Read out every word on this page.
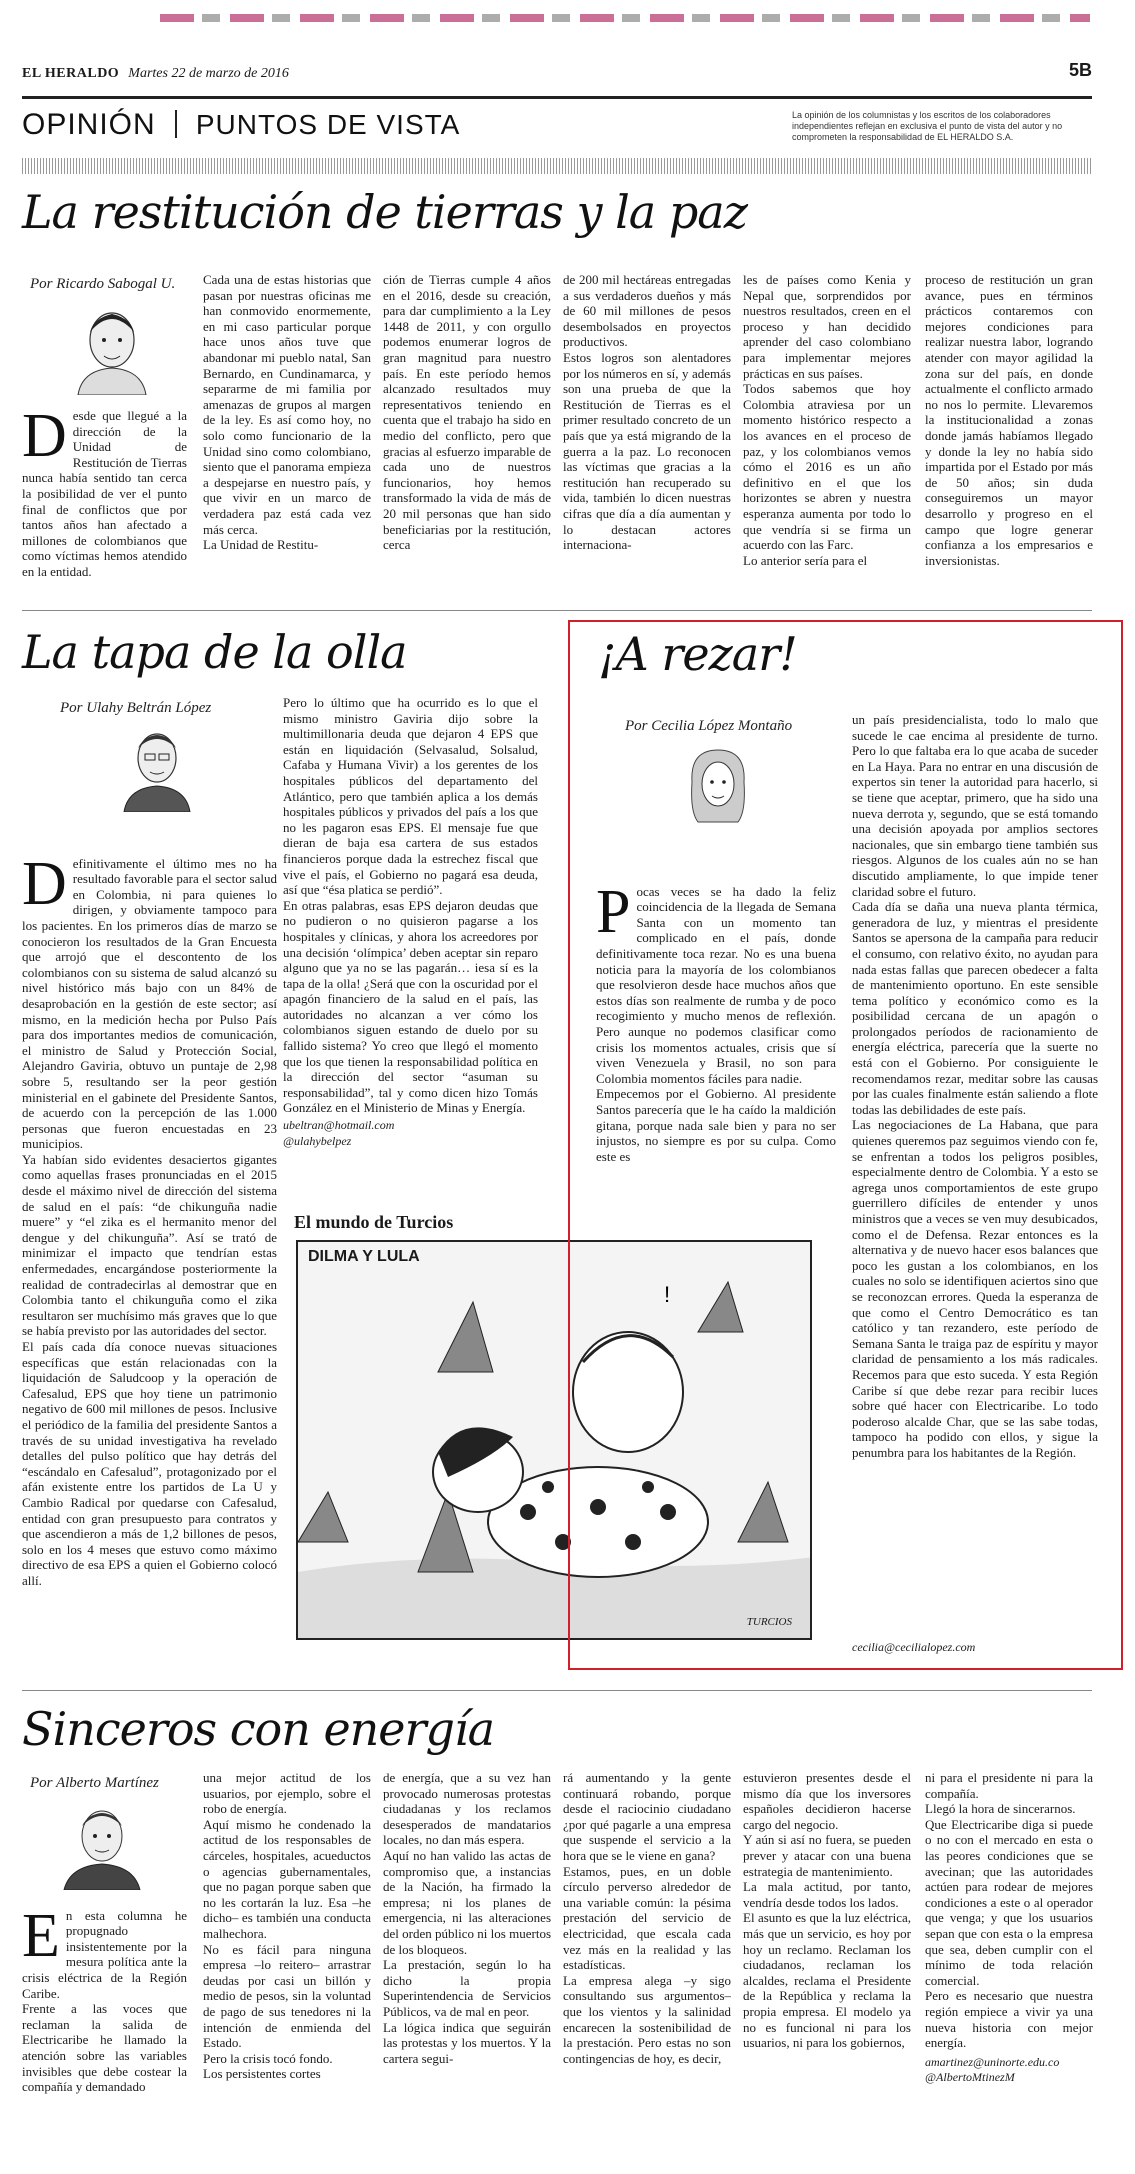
EL HERALDO Martes 22 de marzo de 2016	5B
OPINIÓN PUNTOS DE VISTA	La opinión de los columnistas y los escritos de los colaboradores independientes reflejan en exclusiva el punto de vista del autor y no comprometen la responsabilidad de EL HERALDO S.A.
La restitución de tierras y la paz
Por Ricardo Sabogal U.
D esde que llegué a la dirección de la Unidad de Restitución de Tierras nunca había sentido tan cerca la posibilidad de ver el punto final de conflictos que por tantos años han afectado a millones de colombianos que como víctimas hemos atendido en la entidad.
Cada una de estas historias que pasan por nuestras oficinas me han conmovido enormemente, en mi caso particular porque hace unos años tuve que abandonar mi pueblo natal, San Bernardo, en Cundinamarca, y separarme de mi familia por amenazas de grupos al margen de la ley. Es así como hoy, no solo como funcionario de la Unidad sino como colombiano, siento que el panorama empieza a despejarse en nuestro país, y que vivir en un marco de verdadera paz está cada vez más cerca.
La Unidad de Restitu-
ción de Tierras cumple 4 años en el 2016, desde su creación, para dar cumplimiento a la Ley 1448 de 2011, y con orgullo podemos enumerar logros de gran magnitud para nuestro país. En este período hemos alcanzado resultados muy representativos teniendo en cuenta que el trabajo ha sido en medio del conflicto, pero que gracias al esfuerzo imparable de cada uno de nuestros funcionarios, hoy hemos transformado la vida de más de 20 mil personas que han sido beneficiarias por la restitución, cerca
de 200 mil hectáreas entregadas a sus verdaderos dueños y más de 60 mil millones de pesos desembolsados en proyectos productivos.
Estos logros son alentadores por los números en sí, y además son una prueba de que la Restitución de Tierras es el primer resultado concreto de un país que ya está migrando de la guerra a la paz. Lo reconocen las víctimas que gracias a la restitución han recuperado su vida, también lo dicen nuestras cifras que día a día aumentan y lo destacan actores internaciona-
les de países como Kenia y Nepal que, sorprendidos por nuestros resultados, creen en el proceso y han decidido aprender del caso colombiano para implementar mejores prácticas en sus países.
Todos sabemos que hoy Colombia atraviesa por un momento histórico respecto a los avances en el proceso de paz, y los colombianos vemos cómo el 2016 es un año definitivo en el que los horizontes se abren y nuestra esperanza aumenta por todo lo que vendría si se firma un acuerdo con las Farc.
Lo anterior sería para el
proceso de restitución un gran avance, pues en términos prácticos contaremos con mejores condiciones para realizar nuestra labor, logrando atender con mayor agilidad la zona sur del país, en donde actualmente el conflicto armado no nos lo permite. Llevaremos la institucionalidad a zonas donde jamás habíamos llegado y donde la ley no había sido impartida por el Estado por más de 50 años; sin duda conseguiremos un mayor desarrollo y progreso en el campo que logre generar confianza a los empresarios e inversionistas.
La tapa de la olla
Por Ulahy Beltrán López

Definitivamente el último mes no ha resultado favorable para el sector salud en Colombia, ni para quienes lo dirigen, y obviamente tampoco para los pacientes. En los primeros días de marzo se conocieron los resultados de la Gran Encuesta que arrojó que el descontento de los colombianos con su sistema de salud alcanzó su nivel histórico más bajo con un 84% de desaprobación en la gestión de este sector; así mismo, en la medición hecha por Pulso País para dos importantes medios de comunicación, el ministro de Salud y Protección Social, Alejandro Gaviria, obtuvo un puntaje de 2,98 sobre 5, resultando ser la peor gestión ministerial en el gabinete del Presidente Santos, de acuerdo con la percepción de las 1.000 personas que fueron encuestadas en 23 municipios.
Ya habían sido evidentes desaciertos gigantes como aquellas frases pronunciadas en el 2015 desde el máximo nivel de dirección del sistema de salud en el país: “de chikunguña nadie muere” y “el zika es el hermanito menor del dengue y del chikunguña”. Así se trató de minimizar el impacto que tendrían estas enfermedades, encargándose posteriormente la realidad de contradecirlas al demostrar que en Colombia tanto el chikunguña como el zika resultaron ser muchísimo más graves que lo que se había previsto por las autoridades del sector.
El país cada día conoce nuevas situaciones específicas que están relacionadas con la liquidación de Saludcoop y la operación de Cafesalud, EPS que hoy tiene un patrimonio negativo de 600 mil millones de pesos. Inclusive el periódico de la familia del presidente Santos a través de su unidad investigativa ha revelado detalles del pulso político que hay detrás del “escándalo en Cafesalud”, protagonizado por el afán existente entre los partidos de La U y Cambio Radical por quedarse con Cafesalud, entidad con gran presupuesto para contratos y que ascendieron a más de 1,2 billones de pesos, solo en los 4 meses que estuvo como máximo directivo de esa EPS a quien el Gobierno colocó allí.

Pero lo último que ha ocurrido es lo que el mismo ministro Gaviria dijo sobre la multimillonaria deuda que dejaron 4 EPS que están en liquidación (Selvasalud, Solsalud, Cafaba y Humana Vivir) a los gerentes de los hospitales públicos del departamento del Atlántico, pero que también aplica a los demás hospitales públicos y privados del país a los que no les pagaron esas EPS. El mensaje fue que dieran de baja esa cartera de sus estados financieros porque dada la estrechez fiscal que vive el país, el Gobierno no pagará esa deuda, así que “ésa platica se perdió”.
En otras palabras, esas EPS dejaron deudas que no pudieron o no quisieron pagarse a los hospitales y clínicas, y ahora los acreedores por una decisión ‘olímpica’ deben aceptar sin reparo alguno que ya no se las pagarán… iesa sí es la tapa de la olla! ¿Será que con la oscuridad por el apagón financiero de la salud en el país, las autoridades no alcanzan a ver cómo los colombianos siguen estando de duelo por su fallido sistema? Yo creo que llegó el momento que los que tienen la responsabilidad política en la dirección del sector “asuman su responsabilidad”, tal y como dicen hizo Tomás González en el Ministerio de Minas y Energía.
ubeltran@hotmail.com
@ulahybelpez
El mundo de Turcios
DILMA Y LULA
!
TURCIOS
¡A rezar!
Por Cecilia López Montaño

Pocas veces se ha dado la feliz coincidencia de la llegada de Semana Santa con un momento tan complicado en el país, donde definitivamente toca rezar. No es una buena noticia para la mayoría de los colombianos que resolvieron desde hace muchos años que estos días son realmente de rumba y de poco recogimiento y mucho menos de reflexión. Pero aunque no podemos clasificar como crisis los momentos actuales, crisis que sí viven Venezuela y Brasil, no son para Colombia momentos fáciles para nadie.
Empecemos por el Gobierno. Al presidente Santos parecería que le ha caído la maldición gitana, porque nada sale bien y para no ser injustos, no siempre es por su culpa. Como este es

un país presidencialista, todo lo malo que sucede le cae encima al presidente de turno. Pero lo que faltaba era lo que acaba de suceder en La Haya. Para no entrar en una discusión de expertos sin tener la autoridad para hacerlo, si se tiene que aceptar, primero, que ha sido una nueva derrota y, segundo, que se está tomando una decisión apoyada por amplios sectores nacionales, que sin embargo tiene también sus riesgos. Algunos de los cuales aún no se han discutido ampliamente, lo que impide tener claridad sobre el futuro.
Cada día se daña una nueva planta térmica, generadora de luz, y mientras el presidente Santos se apersona de la campaña para reducir el consumo, con relativo éxito, no ayudan para nada estas fallas que parecen obedecer a falta de mantenimiento oportuno. En este sensible tema político y económico como es la posibilidad cercana de un apagón o prolongados períodos de racionamiento de energía eléctrica, parecería que la suerte no está con el Gobierno. Por consiguiente le recomendamos rezar, meditar sobre las causas por las cuales finalmente están saliendo a flote todas las debilidades de este país.
Las negociaciones de La Habana, que para quienes queremos paz seguimos viendo con fe, se enfrentan a todos los peligros posibles, especialmente dentro de Colombia. Y a esto se agrega unos comportamientos de este grupo guerrillero difíciles de entender y unos ministros que a veces se ven muy desubicados, como el de Defensa. Rezar entonces es la alternativa y de nuevo hacer esos balances que poco les gustan a los colombianos, en los cuales no solo se identifiquen aciertos sino que se reconozcan errores. Queda la esperanza de que como el Centro Democrático es tan católico y tan rezandero, este período de Semana Santa le traiga paz de espíritu y mayor claridad de pensamiento a los más radicales. Recemos para que esto suceda. Y esta Región Caribe sí que debe rezar para recibir luces sobre qué hacer con Electricaribe. Lo todo poderoso alcalde Char, que se las sabe todas, tampoco ha podido con ellos, y sigue la penumbra para los habitantes de la Región.
cecilia@cecilialopez.com
Sinceros con energía
Por Alberto Martínez

En esta columna he propugnado insistentemente por la mesura política ante la crisis eléctrica de la Región Caribe.
Frente a las voces que reclaman la salida de Electricaribe he llamado la atención sobre las variables invisibles que debe costear la compañía y demandado

una mejor actitud de los usuarios, por ejemplo, sobre el robo de energía.
Aquí mismo he condenado la actitud de los responsables de cárceles, hospitales, acueductos o agencias gubernamentales, que no pagan porque saben que no les cortarán la luz. Esa –he dicho– es también una conducta malhechora.
No es fácil para ninguna empresa –lo reitero– arrastrar deudas por casi un billón y medio de pesos, sin la voluntad de pago de sus tenedores ni la intención de enmienda del Estado.
Pero la crisis tocó fondo.
Los persistentes cortes
de energía, que a su vez han provocado numerosas protestas ciudadanas y los reclamos desesperados de mandatarios locales, no dan más espera.
Aquí no han valido las actas de compromiso que, a instancias de la Nación, ha firmado la empresa; ni los planes de emergencia, ni las alteraciones del orden público ni los muertos de los bloqueos.
La prestación, según lo ha dicho la propia Superintendencia de Servicios Públicos, va de mal en peor.
La lógica indica que seguirán las protestas y los muertos. Y la cartera segui-
rá aumentando y la gente continuará robando, porque desde el raciocinio ciudadano ¿por qué pagarle a una empresa que suspende el servicio a la hora que se le viene en gana?
Estamos, pues, en un doble círculo perverso alrededor de una variable común: la pésima prestación del servicio de electricidad, que escala cada vez más en la realidad y las estadísticas.
La empresa alega –y sigo consultando sus argumentos– que los vientos y la salinidad encarecen la sostenibilidad de la prestación. Pero estas no son contingencias de hoy, es decir,
estuvieron presentes desde el mismo día que los inversores españoles decidieron hacerse cargo del negocio.
Y aún si así no fuera, se pueden prever y atacar con una buena estrategia de mantenimiento.
La mala actitud, por tanto, vendría desde todos los lados.
El asunto es que la luz eléctrica, más que un servicio, es hoy por hoy un reclamo. Reclaman los ciudadanos, reclaman los alcaldes, reclama el Presidente de la República y reclama la propia empresa. El modelo ya no es funcional ni para los usuarios, ni para los gobiernos,
ni para el presidente ni para la compañía.
Llegó la hora de sincerarnos.
Que Electricaribe diga si puede o no con el mercado en esta o las peores condiciones que se avecinan; que las autoridades actúen para rodear de mejores condiciones a este o al operador que venga; y que los usuarios sepan que con esta o la empresa que sea, deben cumplir con el mínimo de toda relación comercial.
Pero es necesario que nuestra región empiece a vivir ya una nueva historia con mejor energía.
amartinez@uninorte.edu.co
@AlbertoMtinezM
